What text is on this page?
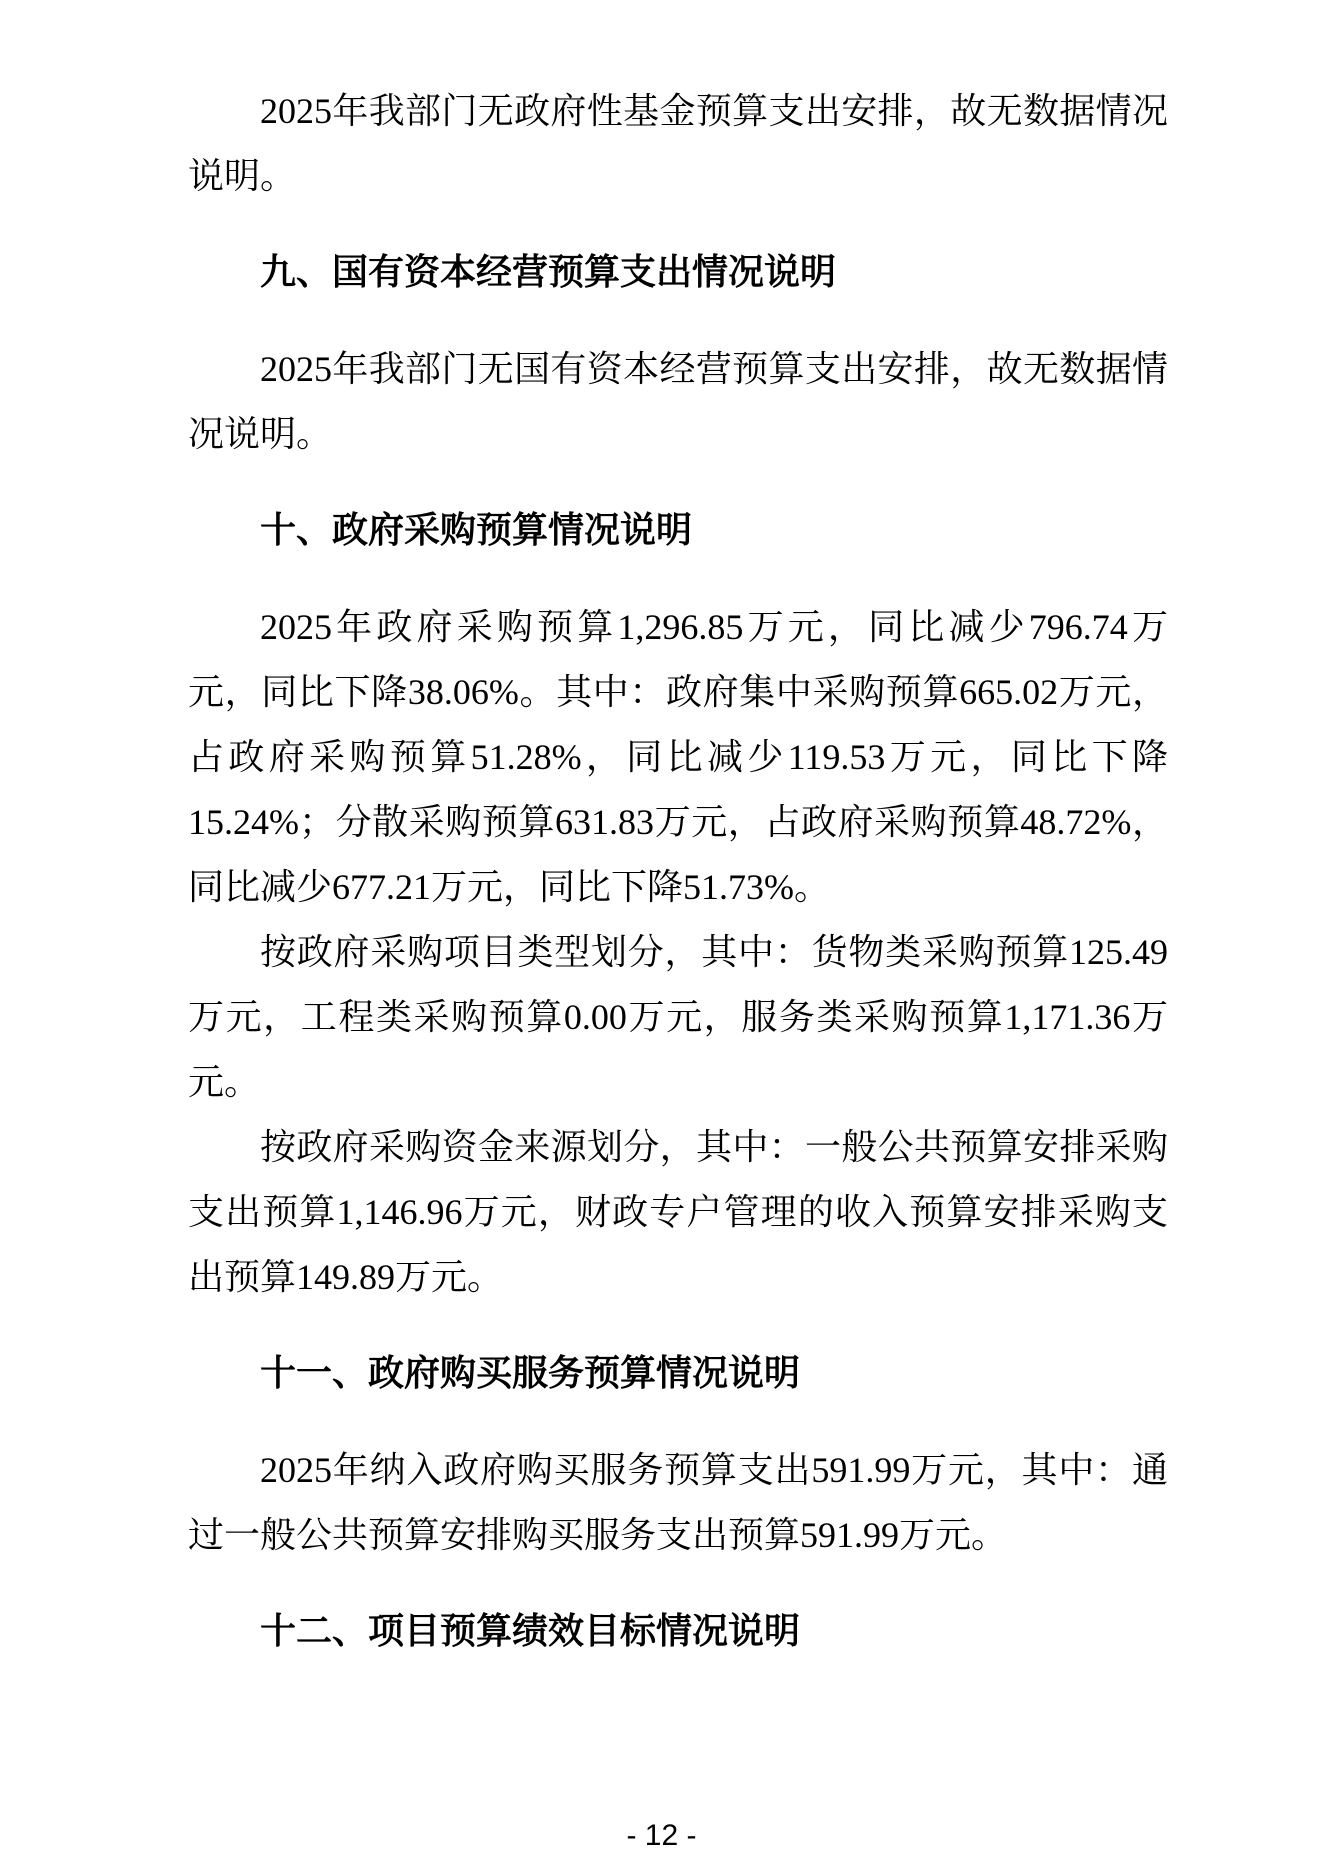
2025年我部门无政府性基金预算支出安排，故无数据情况说明。

九、国有资本经营预算支出情况说明

2025年我部门无国有资本经营预算支出安排，故无数据情况说明。

十、政府采购预算情况说明

2025年政府采购预算1,296.85万元，同比减少796.74万元，同比下降38.06%。其中：政府集中采购预算665.02万元，占政府采购预算51.28%，同比减少119.53万元，同比下降15.24%；分散采购预算631.83万元，占政府采购预算48.72%，同比减少677.21万元，同比下降51.73%。

按政府采购项目类型划分，其中：货物类采购预算125.49万元，工程类采购预算0.00万元，服务类采购预算1,171.36万元。

按政府采购资金来源划分，其中：一般公共预算安排采购支出预算1,146.96万元，财政专户管理的收入预算安排采购支出预算149.89万元。

十一、政府购买服务预算情况说明

2025年纳入政府购买服务预算支出591.99万元，其中：通过一般公共预算安排购买服务支出预算591.99万元。

十二、项目预算绩效目标情况说明
- 12 -
